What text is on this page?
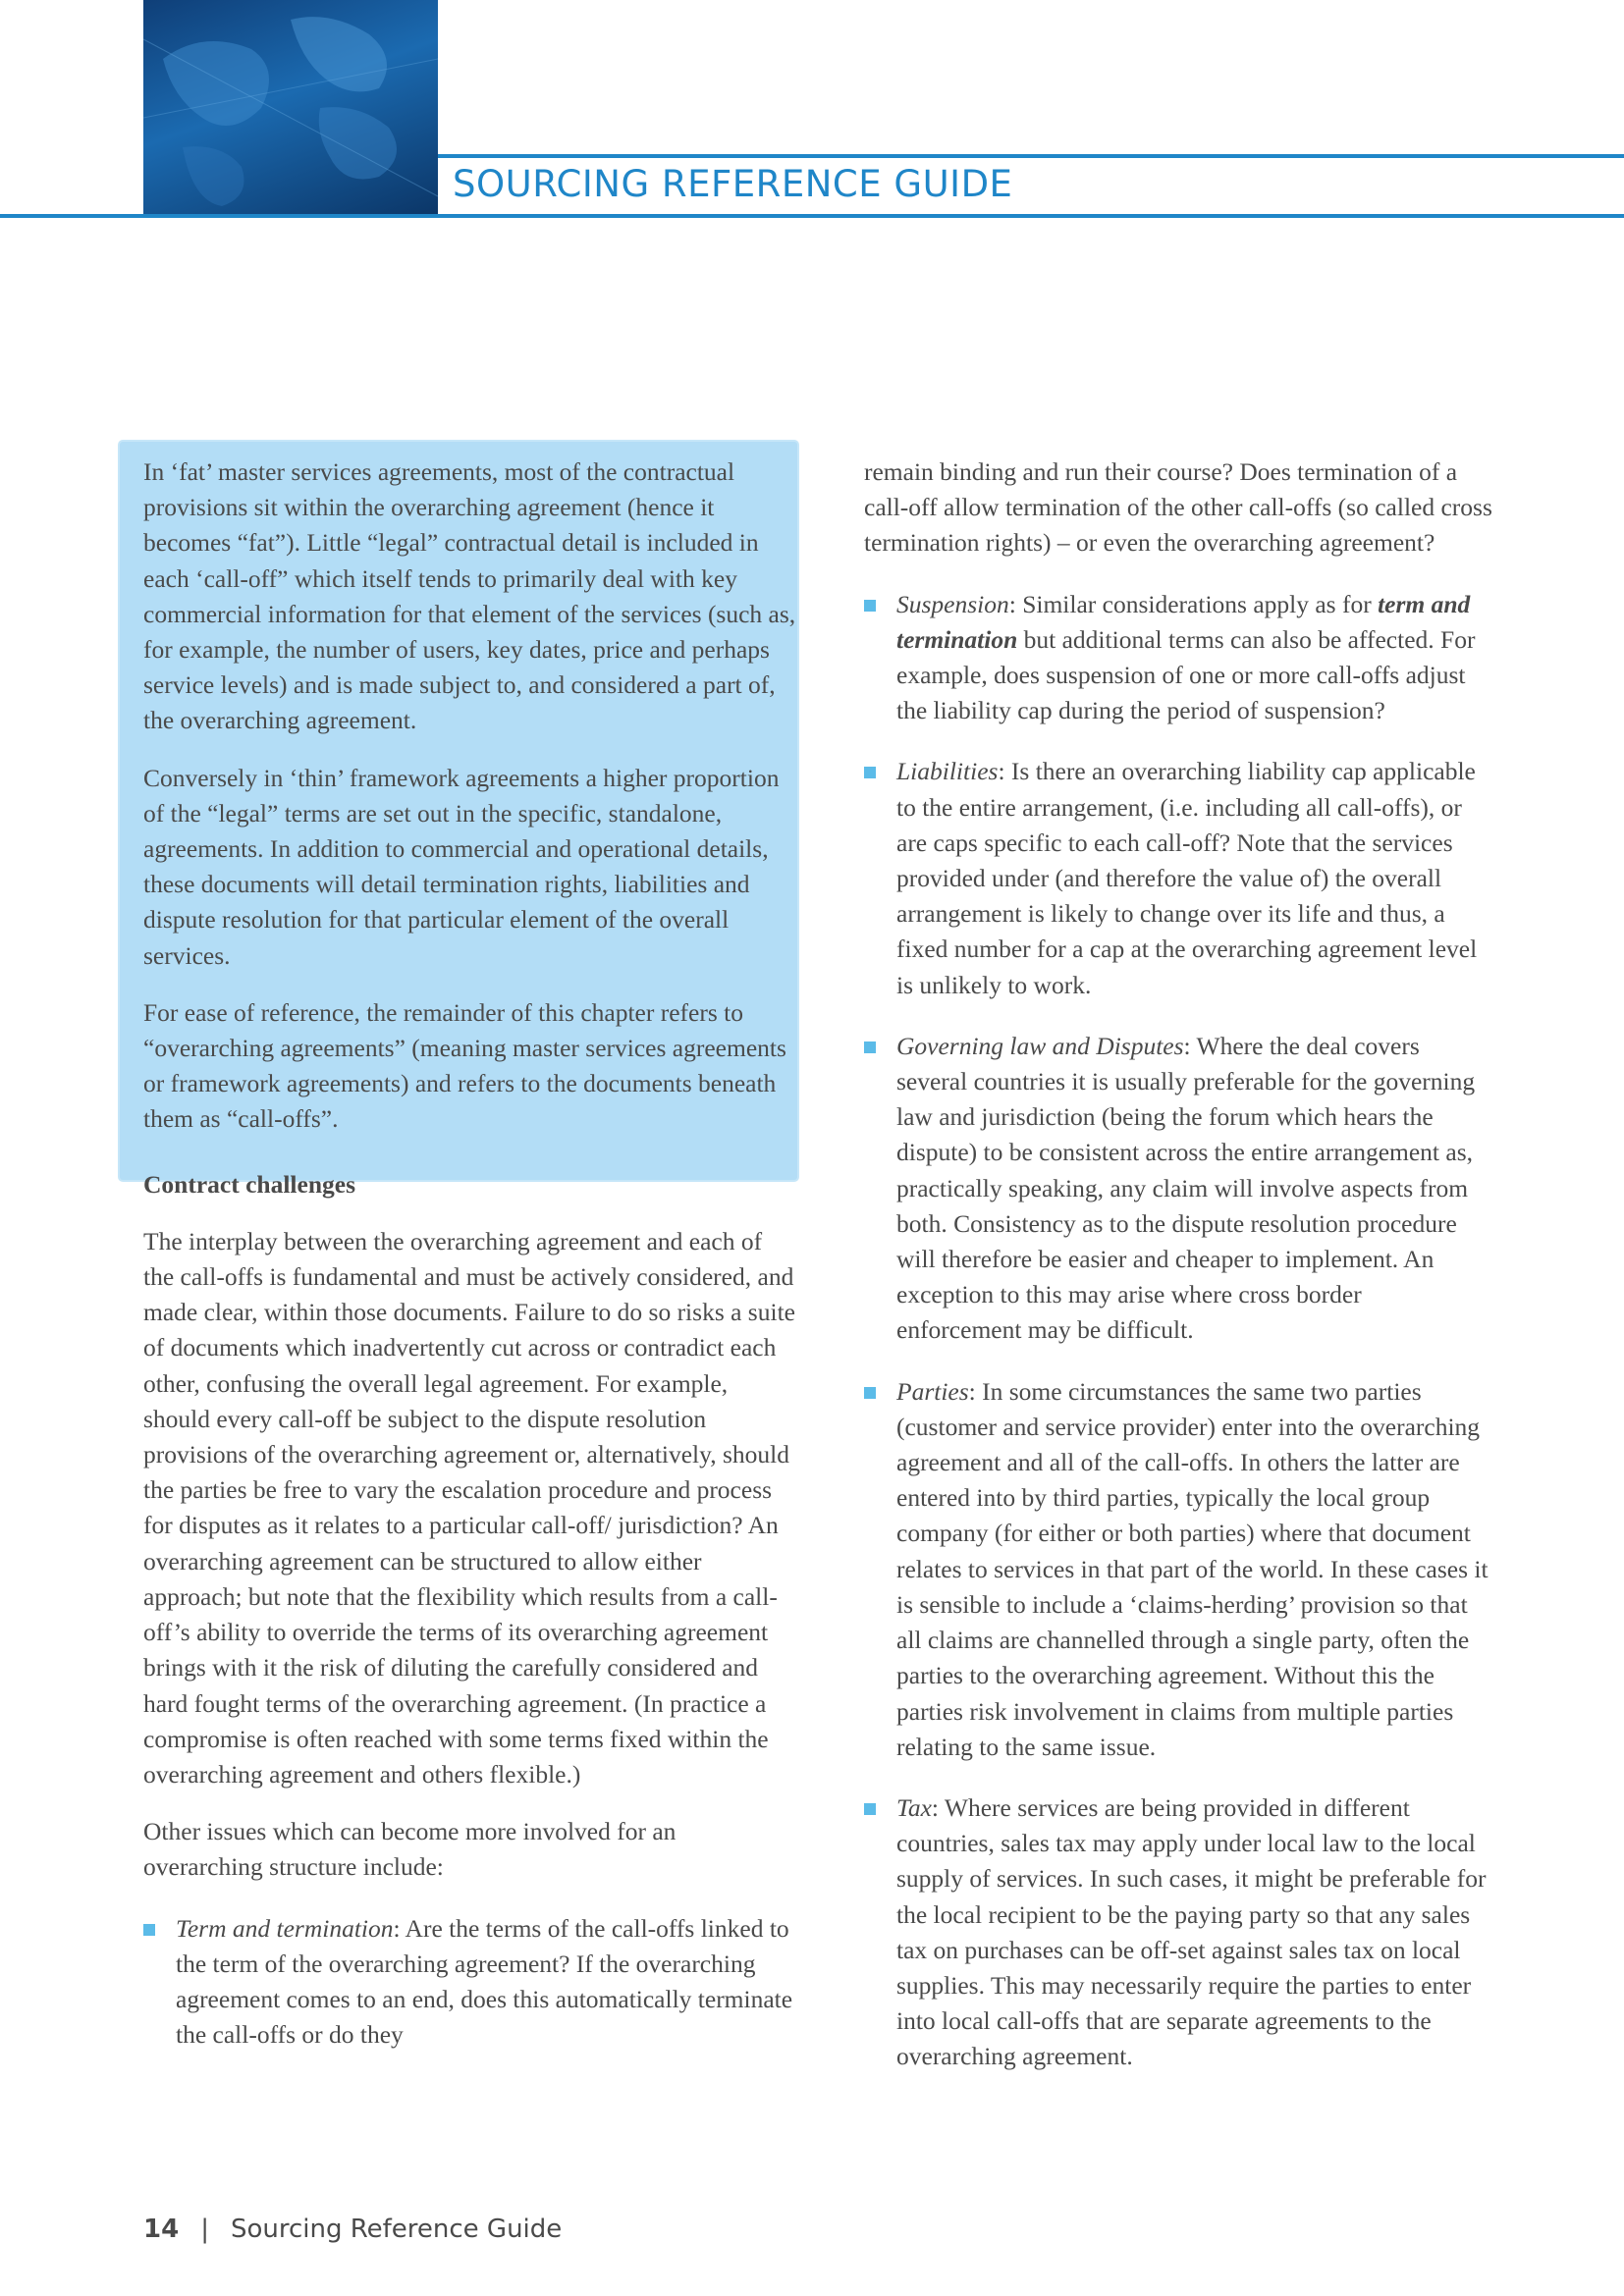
SOURCING REFERENCE GUIDE

In ‘fat’ master services agreements, most of the contractual provisions sit within the overarching agreement (hence it becomes “fat”). Little “legal” contractual detail is included in each ‘call-off” which itself tends to primarily deal with key commercial information for that element of the services (such as, for example, the number of users, key dates, price and perhaps service levels) and is made subject to, and considered a part of, the overarching agreement.

Conversely in ‘thin’ framework agreements a higher proportion of the “legal” terms are set out in the specific, standalone, agreements. In addition to commercial and operational details, these documents will detail termination rights, liabilities and dispute resolution for that particular element of the overall services.

For ease of reference, the remainder of this chapter refers to “overarching agreements” (meaning master services agreements or framework agreements) and refers to the documents beneath them as “call-offs”.

Contract challenges

The interplay between the overarching agreement and each of the call-offs is fundamental and must be actively considered, and made clear, within those documents. Failure to do so risks a suite of documents which inadvertently cut across or contradict each other, confusing the overall legal agreement. For example, should every call-off be subject to the dispute resolution provisions of the overarching agreement or, alternatively, should the parties be free to vary the escalation procedure and process for disputes as it relates to a particular call-off/ jurisdiction? An overarching agreement can be structured to allow either approach; but note that the flexibility which results from a call-off’s ability to override the terms of its overarching agreement brings with it the risk of diluting the carefully considered and hard fought terms of the overarching agreement. (In practice a compromise is often reached with some terms fixed within the overarching agreement and others flexible.)

Other issues which can become more involved for an overarching structure include:

Term and termination: Are the terms of the call-offs linked to the term of the overarching agreement? If the overarching agreement comes to an end, does this automatically terminate the call-offs or do they

remain binding and run their course? Does termination of a call-off allow termination of the other call-offs (so called cross termination rights) – or even the overarching agreement?

Suspension: Similar considerations apply as for term and termination but additional terms can also be affected. For example, does suspension of one or more call-offs adjust the liability cap during the period of suspension?

Liabilities: Is there an overarching liability cap applicable to the entire arrangement, (i.e. including all call-offs), or are caps specific to each call-off? Note that the services provided under (and therefore the value of) the overall arrangement is likely to change over its life and thus, a fixed number for a cap at the overarching agreement level is unlikely to work.

Governing law and Disputes: Where the deal covers several countries it is usually preferable for the governing law and jurisdiction (being the forum which hears the dispute) to be consistent across the entire arrangement as, practically speaking, any claim will involve aspects from both. Consistency as to the dispute resolution procedure will therefore be easier and cheaper to implement. An exception to this may arise where cross border enforcement may be difficult.

Parties: In some circumstances the same two parties (customer and service provider) enter into the overarching agreement and all of the call-offs. In others the latter are entered into by third parties, typically the local group company (for either or both parties) where that document relates to services in that part of the world. In these cases it is sensible to include a ‘claims-herding’ provision so that all claims are channelled through a single party, often the parties to the overarching agreement. Without this the parties risk involvement in claims from multiple parties relating to the same issue.

Tax: Where services are being provided in different countries, sales tax may apply under local law to the local supply of services. In such cases, it might be preferable for the local recipient to be the paying party so that any sales tax on purchases can be off-set against sales tax on local supplies. This may necessarily require the parties to enter into local call-offs that are separate agreements to the overarching agreement.

14 | Sourcing Reference Guide
